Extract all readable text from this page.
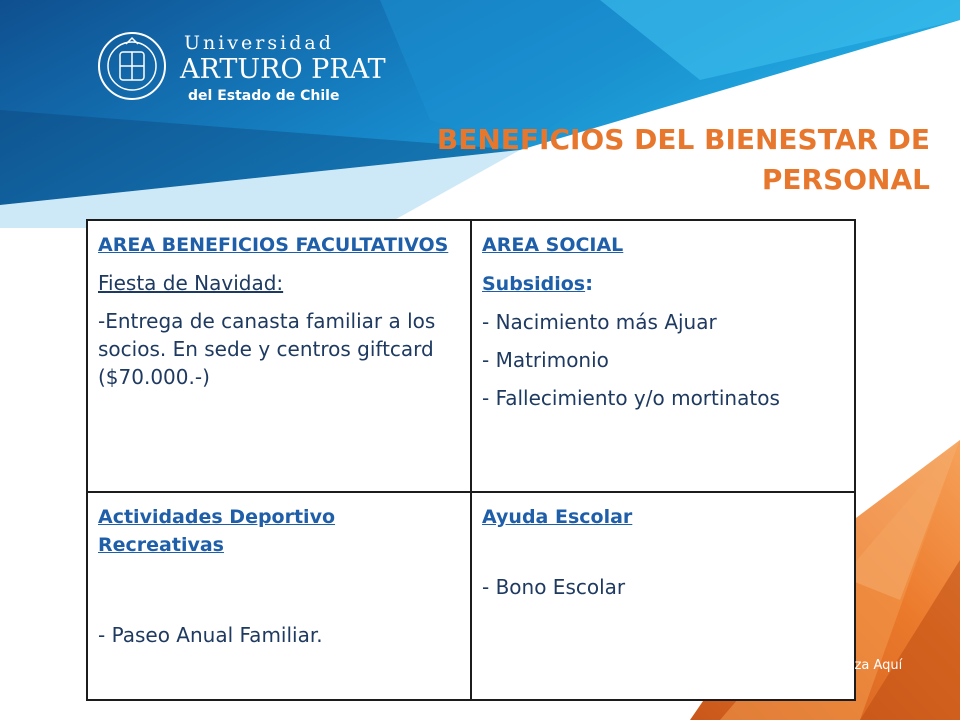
Universidad
ARTURO PRAT
del Estado de Chile
BENEFICIOS DEL BIENESTAR DE
PERSONAL

AREA BENEFICIOS FACULTATIVOS

Fiesta de Navidad:

-Entrega de canasta familiar a los socios. En sede y centros giftcard ($70.000.-)

AREA SOCIAL

Subsidios:

- Nacimiento más Ajuar

- Matrimonio

- Fallecimiento y/o mortinatos

Actividades Deportivo Recreativas

- Paseo Anual Familiar.

Ayuda Escolar

- Bono Escolar

unap.cl
Tu Futuro Empieza Aquí
